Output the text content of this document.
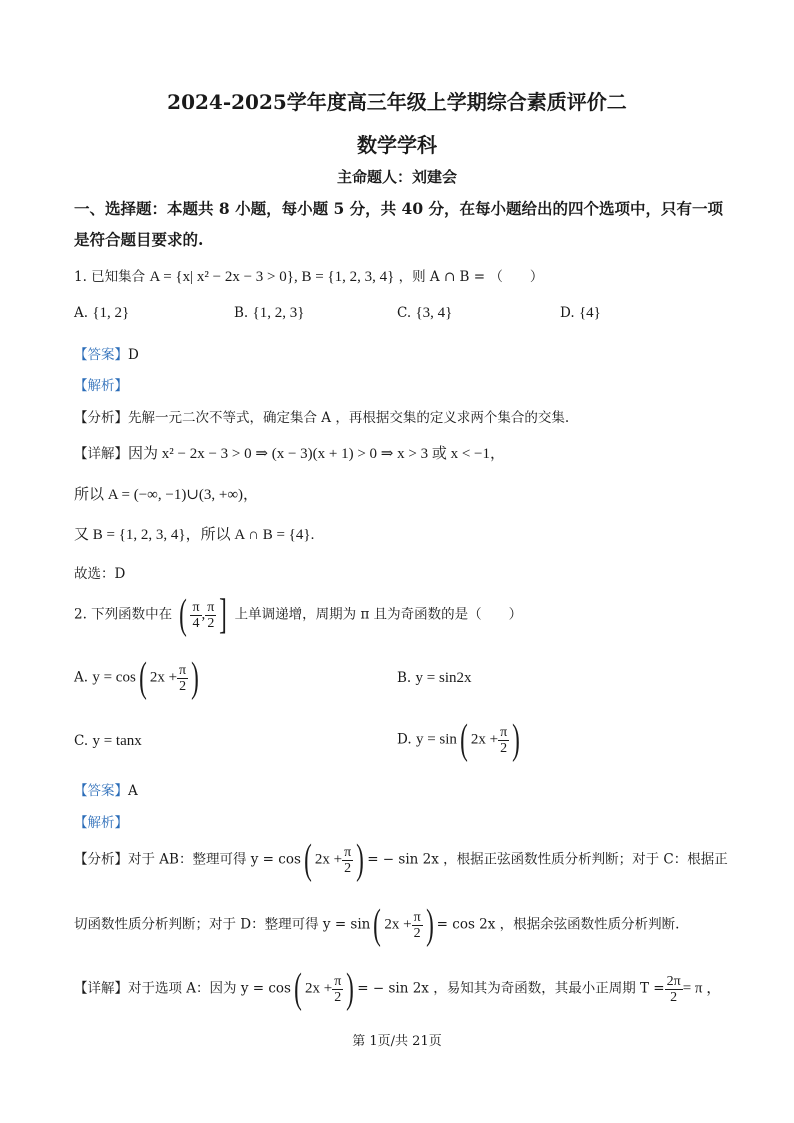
2024-2025学年度高三年级上学期综合素质评价二
数学学科
主命题人：刘建会
一、选择题：本题共 8 小题，每小题 5 分，共 40 分，在每小题给出的四个选项中，只有一项
是符合题目要求的.
1. 已知集合 A = {x| x² − 2x − 3 > 0}, B = {1, 2, 3, 4} ，则 A ∩ B = （　　）
A. {1, 2}	B. {1, 2, 3}	C. {3, 4}	D. {4}
【答案】D
【解析】
【分析】先解一元二次不等式，确定集合 A ，再根据交集的定义求两个集合的交集.
【详解】因为 x² − 2x − 3 > 0 ⇒ (x − 3)(x + 1) > 0 ⇒ x > 3 或 x < −1，
所以 A = (−∞, −1)∪(3, +∞)，
又 B = {1, 2, 3, 4}，所以 A ∩ B = {4}.
故选：D
2. 下列函数中在 ( $\frac{\pi}{4}$ , $\frac{\pi}{2}$ ] 上单调递增，周期为 π 且为奇函数的是（　　）
A. y = cos( $2x + \frac{\pi}{2}$ )	B. y = sin2x
C. y = tanx	D. y = sin( $2x + \frac{\pi}{2}$ )
【答案】A
【解析】
【分析】对于 AB：整理可得 y = cos( $2x + \frac{\pi}{2}$ ) = − sin 2x ，根据正弦函数性质分析判断；对于 C：根据正
切函数性质分析判断；对于 D：整理可得 y = sin( $2x + \frac{\pi}{2}$ ) = cos 2x ，根据余弦函数性质分析判断.
【详解】对于选项 A：因为 y = cos( $2x + \frac{\pi}{2}$ ) = − sin 2x ，易知其为奇函数，其最小正周期 $T = \frac{2\pi}{2} = \pi$ ，
第 1页/共 21页
